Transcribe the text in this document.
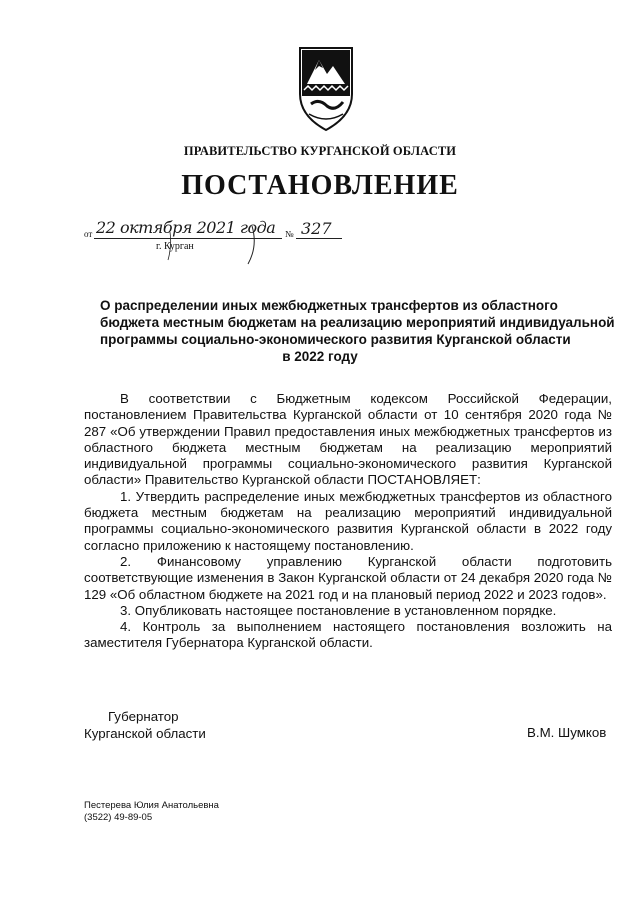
ПРАВИТЕЛЬСТВО КУРГАНСКОЙ ОБЛАСТИ
ПОСТАНОВЛЕНИЕ
от 22 октября 2021 года № 327
г. Курган
О распределении иных межбюджетных трансфертов из областного
бюджета местным бюджетам на реализацию мероприятий индивидуальной
программы социально-экономического развития Курганской области
в 2022 году

В соответствии с Бюджетным кодексом Российской Федерации, постановлением Правительства Курганской области от 10 сентября 2020 года № 287 «Об утверждении Правил предоставления иных межбюджетных трансфертов из областного бюджета местным бюджетам на реализацию мероприятий индивидуальной программы социально-экономического развития Курганской области» Правительство Курганской области ПОСТАНОВЛЯЕТ:

1. Утвердить распределение иных межбюджетных трансфертов из областного бюджета местным бюджетам на реализацию мероприятий индивидуальной программы социально-экономического развития Курганской области в 2022 году согласно приложению к настоящему постановлению.

2. Финансовому управлению Курганской области подготовить соответствующие изменения в Закон Курганской области от 24 декабря 2020 года № 129 «Об областном бюджете на 2021 год и на плановый период 2022 и 2023 годов».

3. Опубликовать настоящее постановление в установленном порядке.

4. Контроль за выполнением настоящего постановления возложить на заместителя Губернатора Курганской области.

Губернатор
Курганской области	В.М. Шумков
Пестерева Юлия Анатольевна
(3522) 49-89-05
